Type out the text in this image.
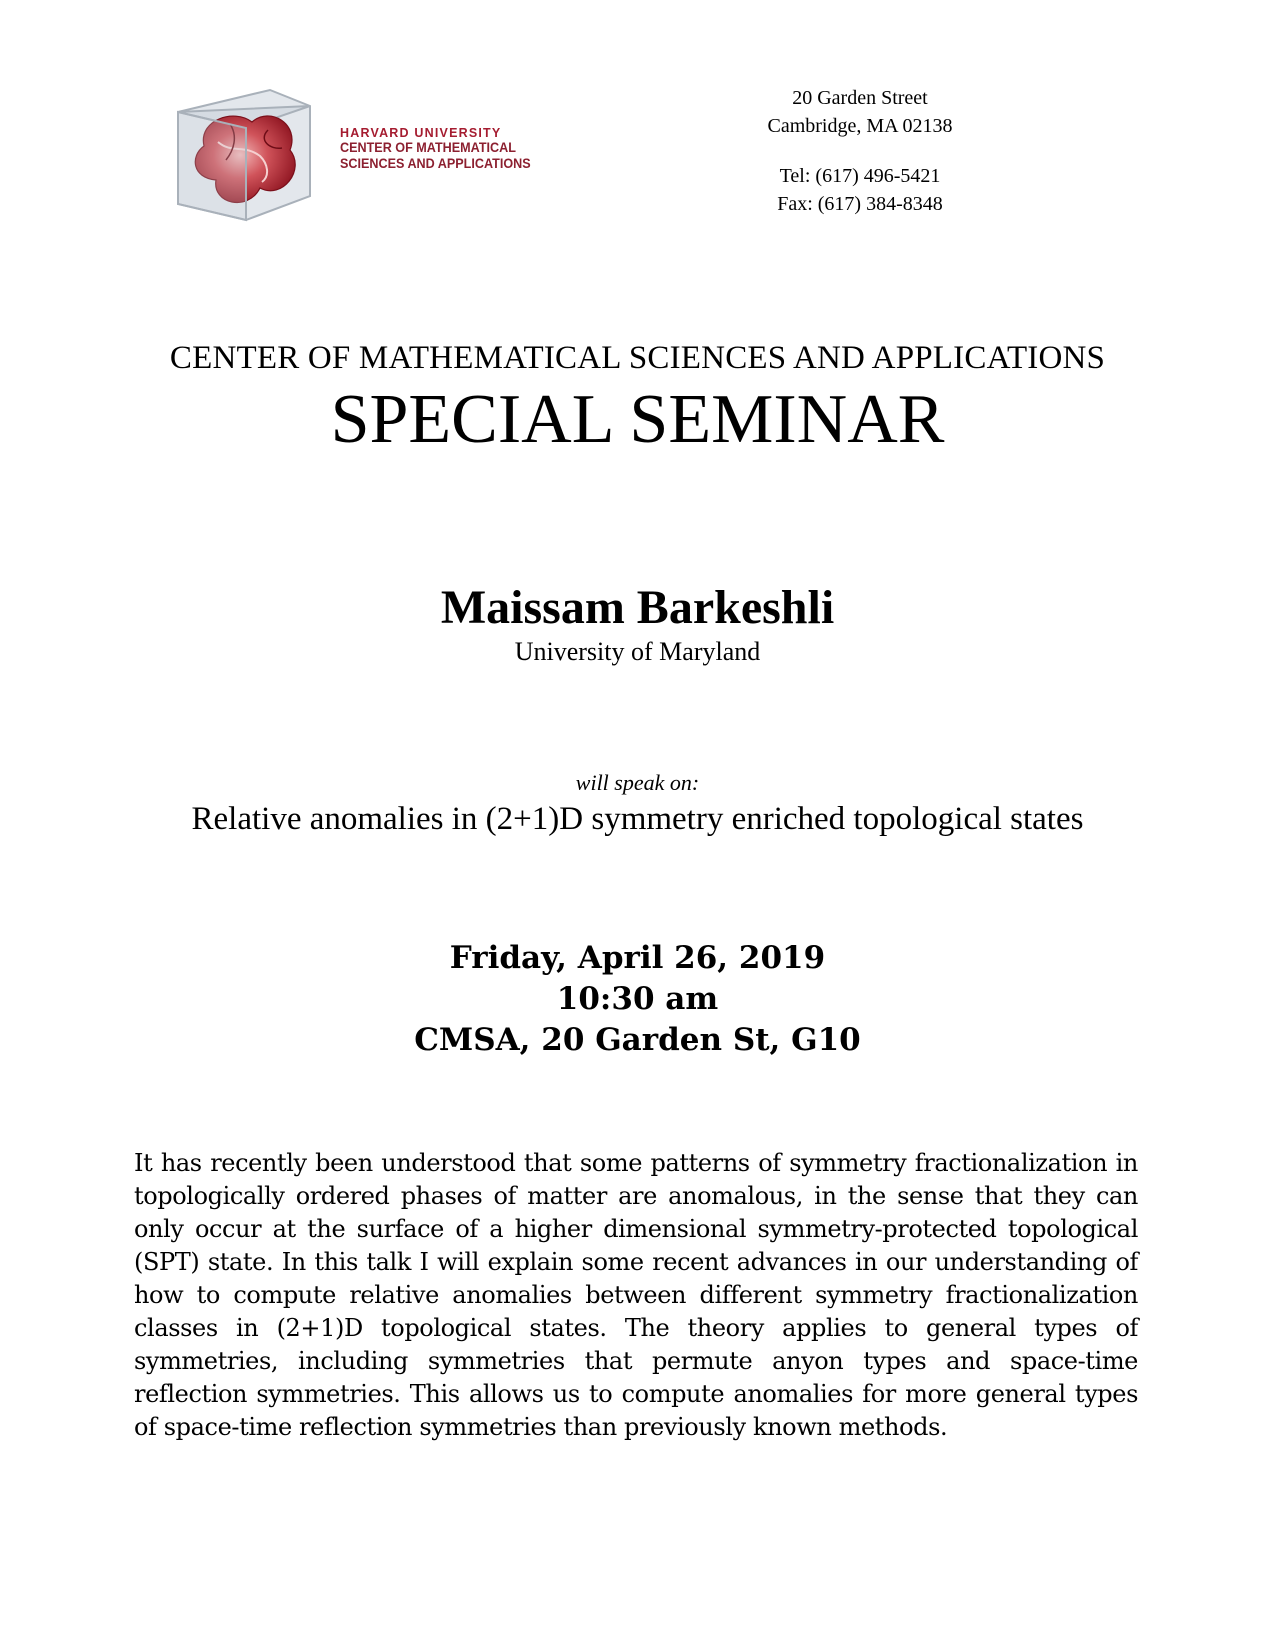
HARVARD UNIVERSITY
CENTER OF MATHEMATICAL
SCIENCES AND APPLICATIONS
20 Garden Street
Cambridge, MA 02138
Tel: (617) 496-5421
Fax: (617) 384-8348
CENTER OF MATHEMATICAL SCIENCES AND APPLICATIONS
SPECIAL SEMINAR
Maissam Barkeshli
University of Maryland
will speak on:
Relative anomalies in (2+1)D symmetry enriched topological states
Friday, April 26, 2019
10:30 am
CMSA, 20 Garden St, G10
It has recently been understood that some patterns of symmetry fractionalization in topologically ordered phases of matter are anomalous, in the sense that they can only occur at the surface of a higher dimensional symmetry-protected topological (SPT) state. In this talk I will explain some recent advances in our understanding of how to compute relative anomalies between different symmetry fractionalization classes in (2+1)D topological states. The theory applies to general types of symmetries, including symmetries that permute anyon types and space-time reflection symmetries. This allows us to compute anomalies for more general types of space-time reflection symmetries than previously known methods.
